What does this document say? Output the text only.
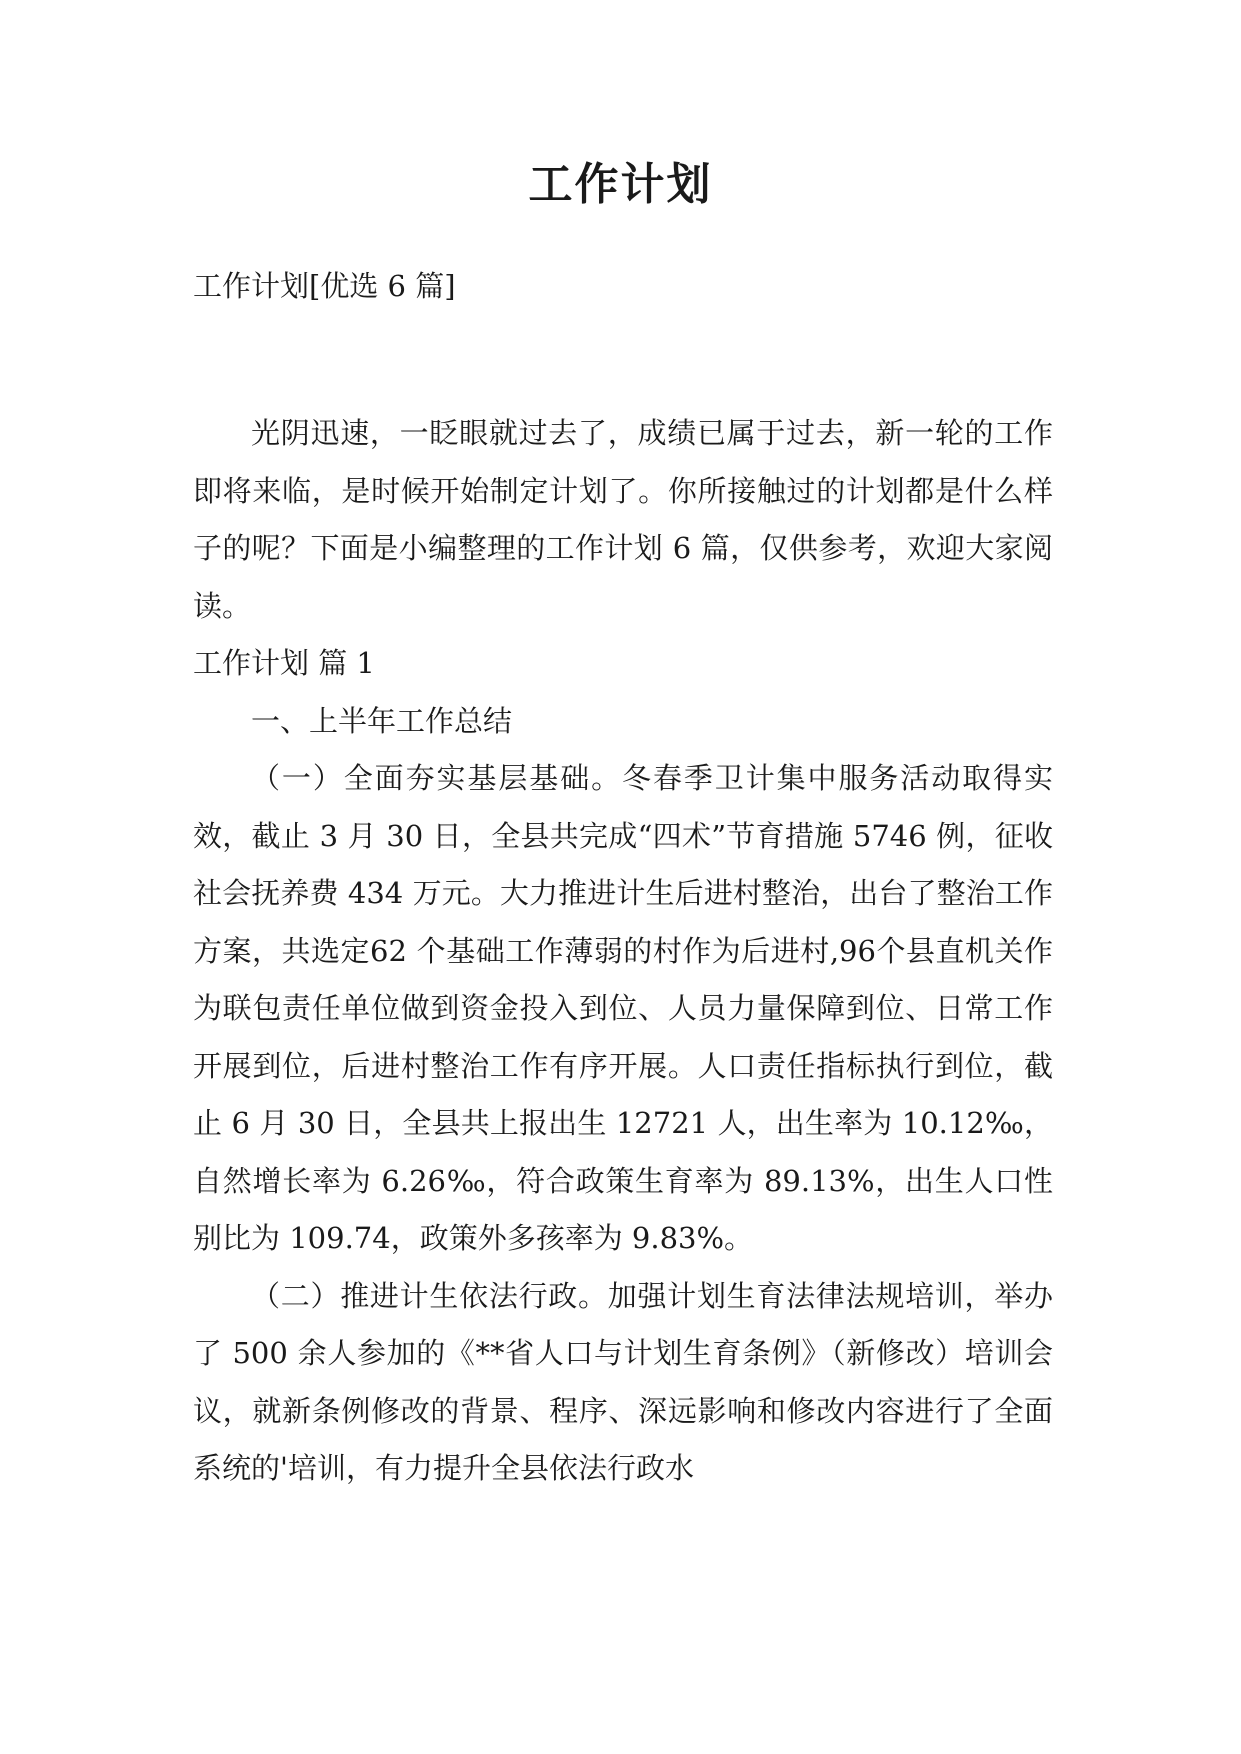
工作计划
工作计划[优选 6 篇]

光阴迅速，一眨眼就过去了，成绩已属于过去，新一轮的工作即将来临，是时候开始制定计划了。你所接触过的计划都是什么样子的呢？下面是小编整理的工作计划 6 篇，仅供参考，欢迎大家阅读。

工作计划 篇 1

一、上半年工作总结

（一）全面夯实基层基础。冬春季卫计集中服务活动取得实效，截止 3 月 30 日，全县共完成“四术”节育措施 5746 例，征收社会抚养费 434 万元。大力推进计生后进村整治，出台了整治工作方案，共选定62 个基础工作薄弱的村作为后进村,96个县直机关作为联包责任单位做到资金投入到位、人员力量保障到位、日常工作开展到位，后进村整治工作有序开展。人口责任指标执行到位，截止 6 月 30 日，全县共上报出生 12721 人，出生率为 10.12‰，自然增长率为 6.26‰，符合政策生育率为 89.13%，出生人口性别比为 109.74，政策外多孩率为 9.83%。

（二）推进计生依法行政。加强计划生育法律法规培训，举办了 500 余人参加的《**省人口与计划生育条例》（新修改）培训会议，就新条例修改的背景、程序、深远影响和修改内容进行了全面系统的'培训，有力提升全县依法行政水
